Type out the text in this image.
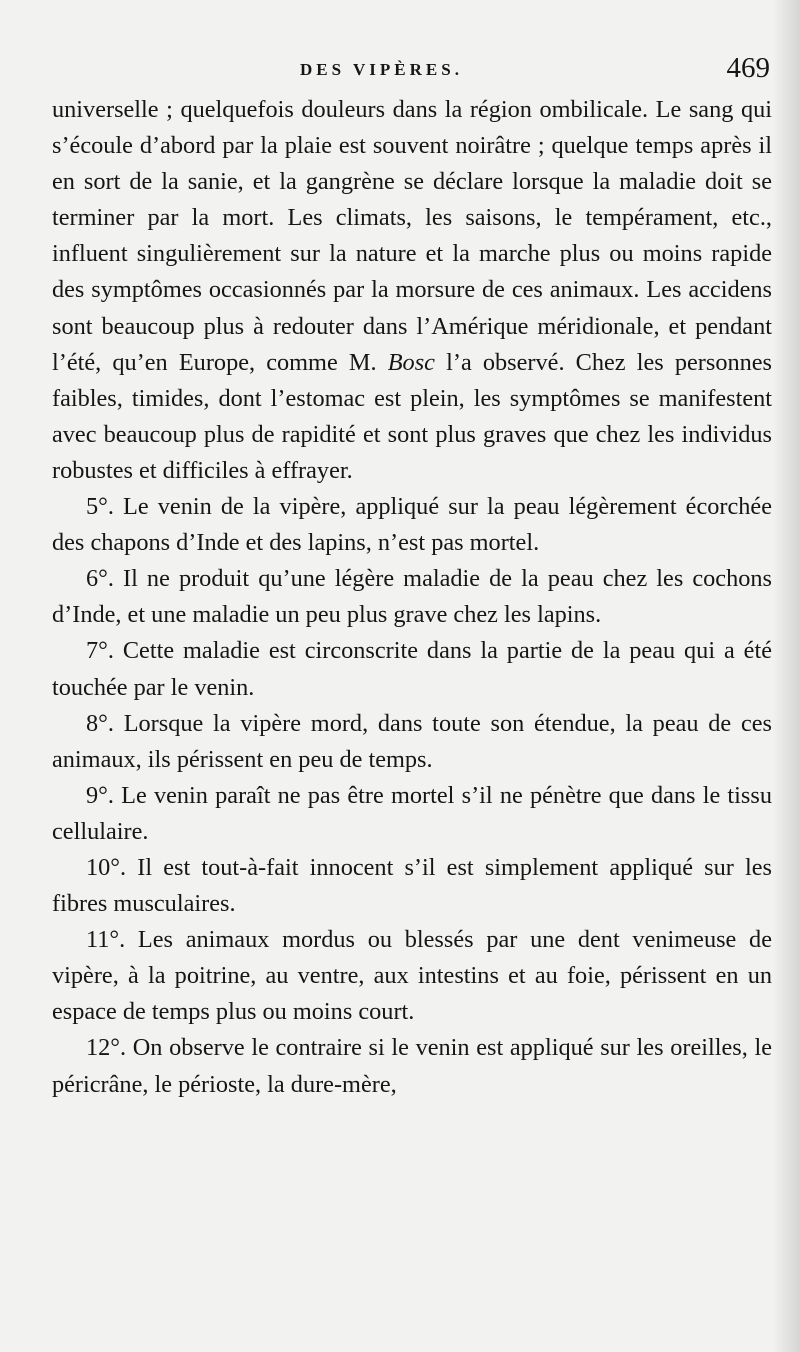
DES VIPÈRES.	469

universelle ; quelquefois douleurs dans la région ombilicale. Le sang qui s’écoule d’abord par la plaie est souvent noirâtre ; quelque temps après il en sort de la sanie, et la gangrène se déclare lorsque la maladie doit se terminer par la mort. Les climats, les saisons, le tempérament, etc., influent singulièrement sur la nature et la marche plus ou moins rapide des symptômes occasionnés par la morsure de ces animaux. Les accidens sont beaucoup plus à redouter dans l’Amérique méridionale, et pendant l’été, qu’en Europe, comme M. Bosc l’a observé. Chez les personnes faibles, timides, dont l’estomac est plein, les symptômes se manifestent avec beaucoup plus de rapidité et sont plus graves que chez les individus robustes et difficiles à effrayer.

5°. Le venin de la vipère, appliqué sur la peau légèrement écorchée des chapons d’Inde et des lapins, n’est pas mortel.

6°. Il ne produit qu’une légère maladie de la peau chez les cochons d’Inde, et une maladie un peu plus grave chez les lapins.

7°. Cette maladie est circonscrite dans la partie de la peau qui a été touchée par le venin.

8°. Lorsque la vipère mord, dans toute son étendue, la peau de ces animaux, ils périssent en peu de temps.

9°. Le venin paraît ne pas être mortel s’il ne pénètre que dans le tissu cellulaire.

10°. Il est tout-à-fait innocent s’il est simplement appliqué sur les fibres musculaires.

11°. Les animaux mordus ou blessés par une dent venimeuse de vipère, à la poitrine, au ventre, aux intestins et au foie, périssent en un espace de temps plus ou moins court.

12°. On observe le contraire si le venin est appliqué sur les oreilles, le péricrâne, le périoste, la dure-mère,
